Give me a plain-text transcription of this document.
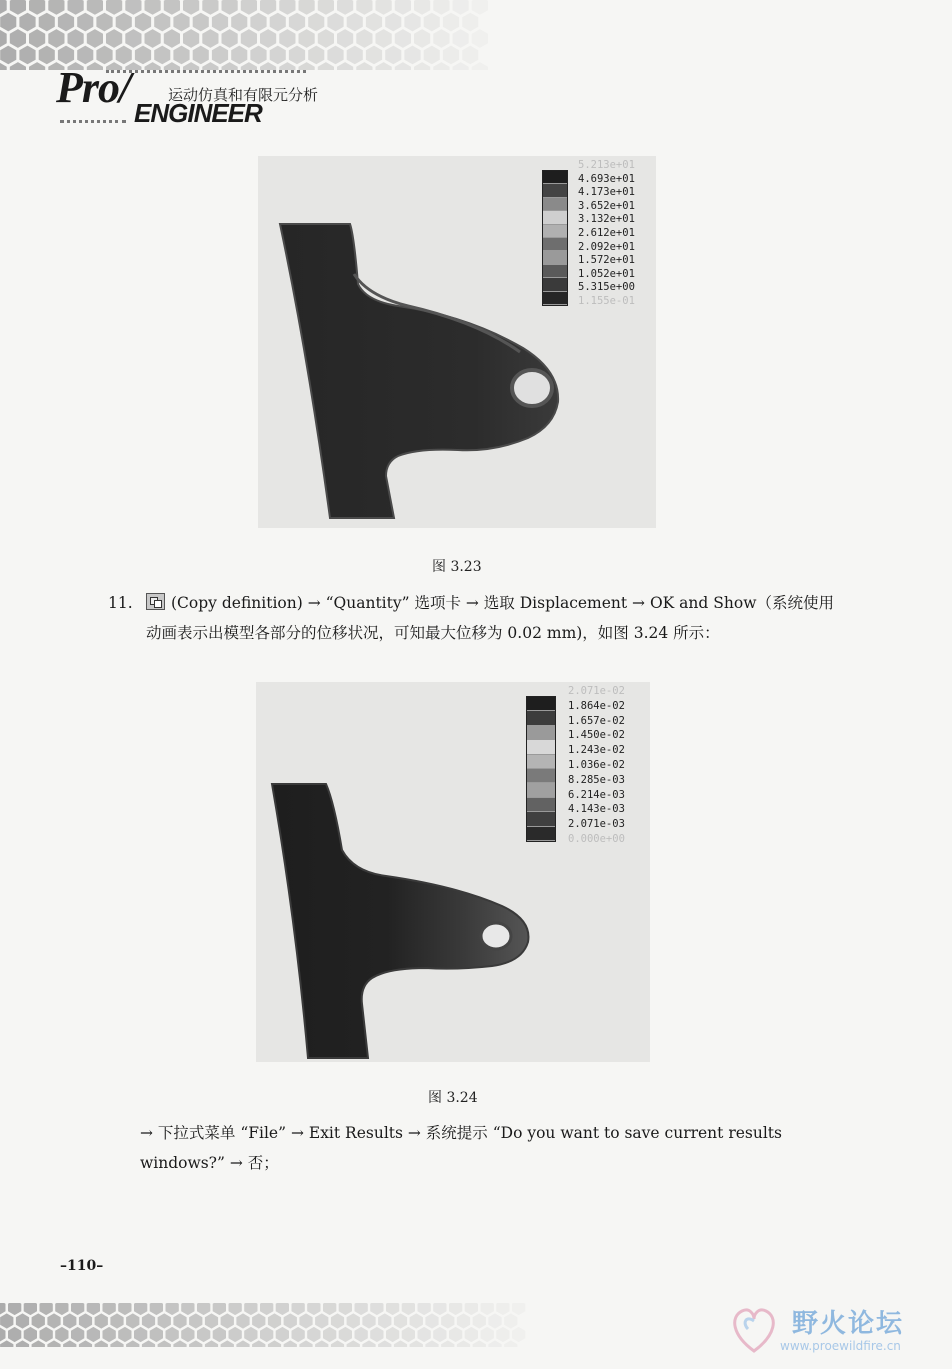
Pro/	运动仿真和有限元分析
ENGINEER
5.213e+01
4.693e+01
4.173e+01
3.652e+01
3.132e+01
2.612e+01
2.092e+01
1.572e+01
1.052e+01
5.315e+00
1.155e-01
图 3.23
11.	(Copy definition) → “Quantity” 选项卡 → 选取 Displacement → OK and Show（系统使用动画表示出模型各部分的位移状况，可知最大位移为 0.02 mm)，如图 3.24 所示：
2.071e-02
1.864e-02
1.657e-02
1.450e-02
1.243e-02
1.036e-02
8.285e-03
6.214e-03
4.143e-03
2.071e-03
0.000e+00
图 3.24
→ 下拉式菜单 “File” → Exit Results → 系统提示 “Do you want to save current results windows?” → 否；
–110–
野火论坛
www.proewildfire.cn
